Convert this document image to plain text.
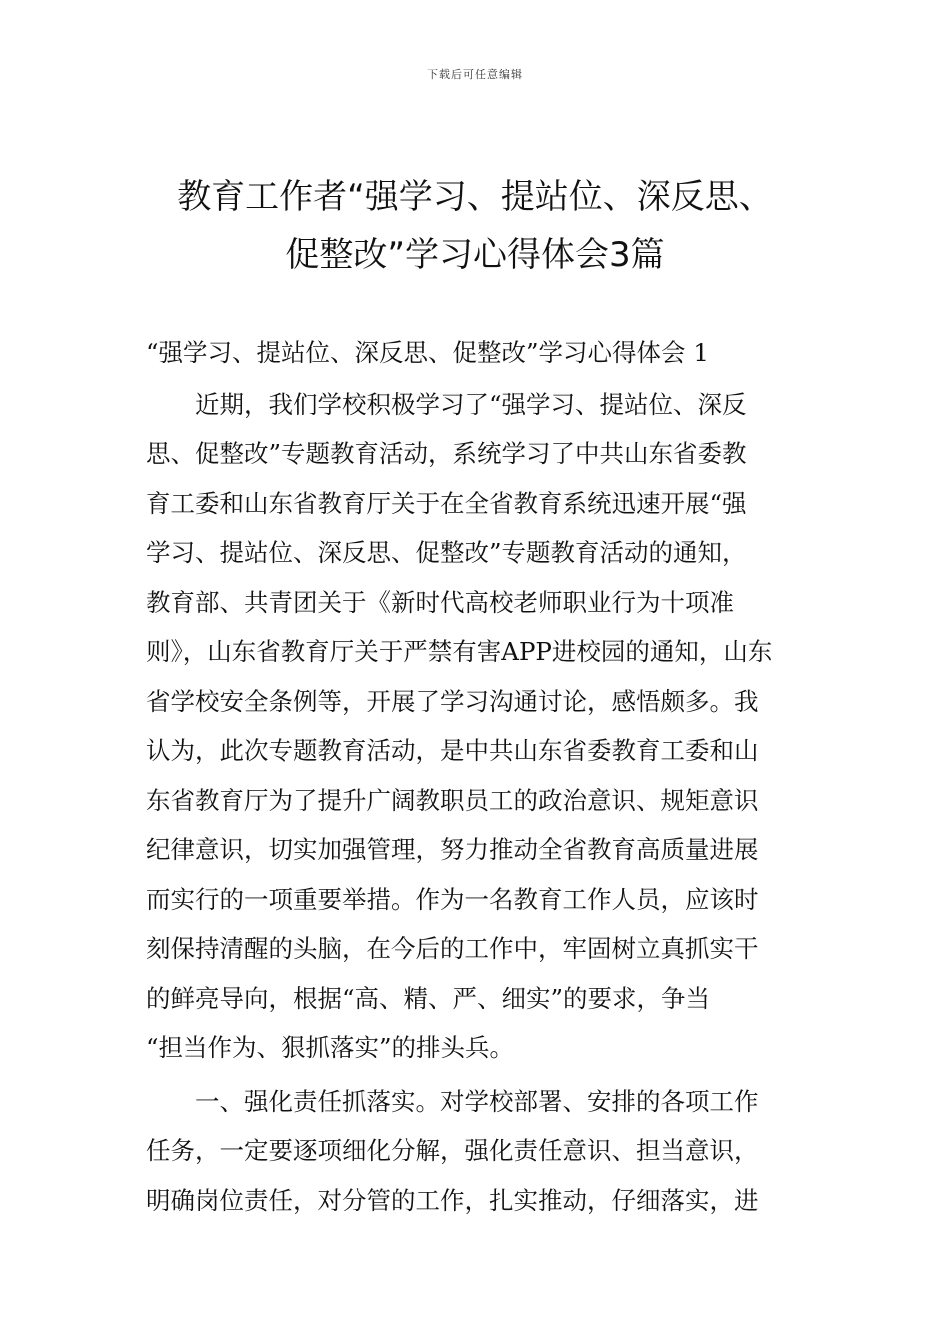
下载后可任意编辑
教育工作者“强学习、提站位、深反思、
促整改”学习心得体会3篇
“强学习、提站位、深反思、促整改”学习心得体会 1
近期，我们学校积极学习了“强学习、提站位、深反
思、促整改”专题教育活动，系统学习了中共山东省委教
育工委和山东省教育厅关于在全省教育系统迅速开展“强
学习、提站位、深反思、促整改”专题教育活动的通知，
教育部、共青团关于《新时代高校老师职业行为十项准
则》，山东省教育厅关于严禁有害APP进校园的通知，山东
省学校安全条例等，开展了学习沟通讨论，感悟颇多。我
认为，此次专题教育活动，是中共山东省委教育工委和山
东省教育厅为了提升广阔教职员工的政治意识、规矩意识
纪律意识，切实加强管理，努力推动全省教育高质量进展
而实行的一项重要举措。作为一名教育工作人员，应该时
刻保持清醒的头脑，在今后的工作中，牢固树立真抓实干
的鲜亮导向，根据“高、精、严、细实”的要求，争当
“担当作为、狠抓落实”的排头兵。
一、强化责任抓落实。对学校部署、安排的各项工作
任务，一定要逐项细化分解，强化责任意识、担当意识，
明确岗位责任，对分管的工作，扎实推动，仔细落实，进
